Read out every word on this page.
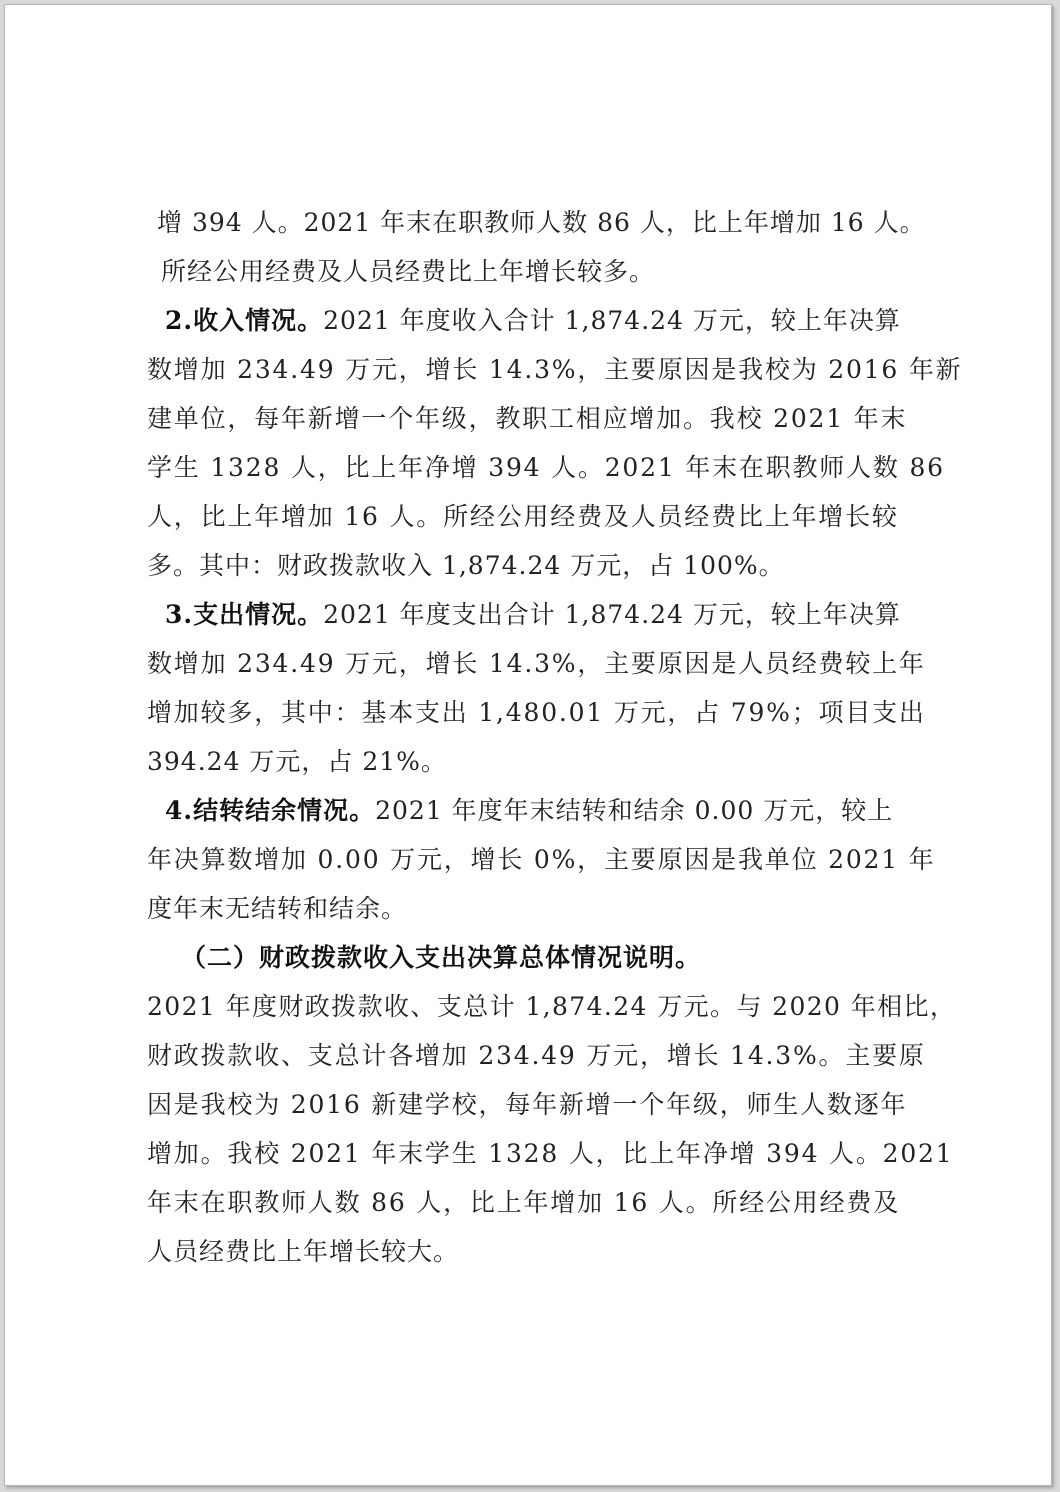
增 394 人。2021 年末在职教师人数 86 人，比上年增加 16 人。
所经公用经费及人员经费比上年增长较多。
2.收入情况。2021 年度收入合计 1,874.24 万元，较上年决算
数增加 234.49 万元，增长 14.3%，主要原因是我校为 2016 年新
建单位，每年新增一个年级，教职工相应增加。我校 2021 年末
学生 1328 人，比上年净增 394 人。2021 年末在职教师人数 86
人，比上年增加 16 人。所经公用经费及人员经费比上年增长较
多。其中：财政拨款收入 1,874.24 万元，占 100%。
3.支出情况。2021 年度支出合计 1,874.24 万元，较上年决算
数增加 234.49 万元，增长 14.3%，主要原因是人员经费较上年
增加较多，其中：基本支出 1,480.01 万元，占 79%；项目支出
394.24 万元，占 21%。
4.结转结余情况。2021 年度年末结转和结余 0.00 万元，较上
年决算数增加 0.00 万元，增长 0%，主要原因是我单位 2021 年
度年末无结转和结余。
（二）财政拨款收入支出决算总体情况说明。
2021 年度财政拨款收、支总计 1,874.24 万元。与 2020 年相比，
财政拨款收、支总计各增加 234.49 万元，增长 14.3%。主要原
因是我校为 2016 新建学校，每年新增一个年级，师生人数逐年
增加。我校 2021 年末学生 1328 人，比上年净增 394 人。2021
年末在职教师人数 86 人，比上年增加 16 人。所经公用经费及
人员经费比上年增长较大。
